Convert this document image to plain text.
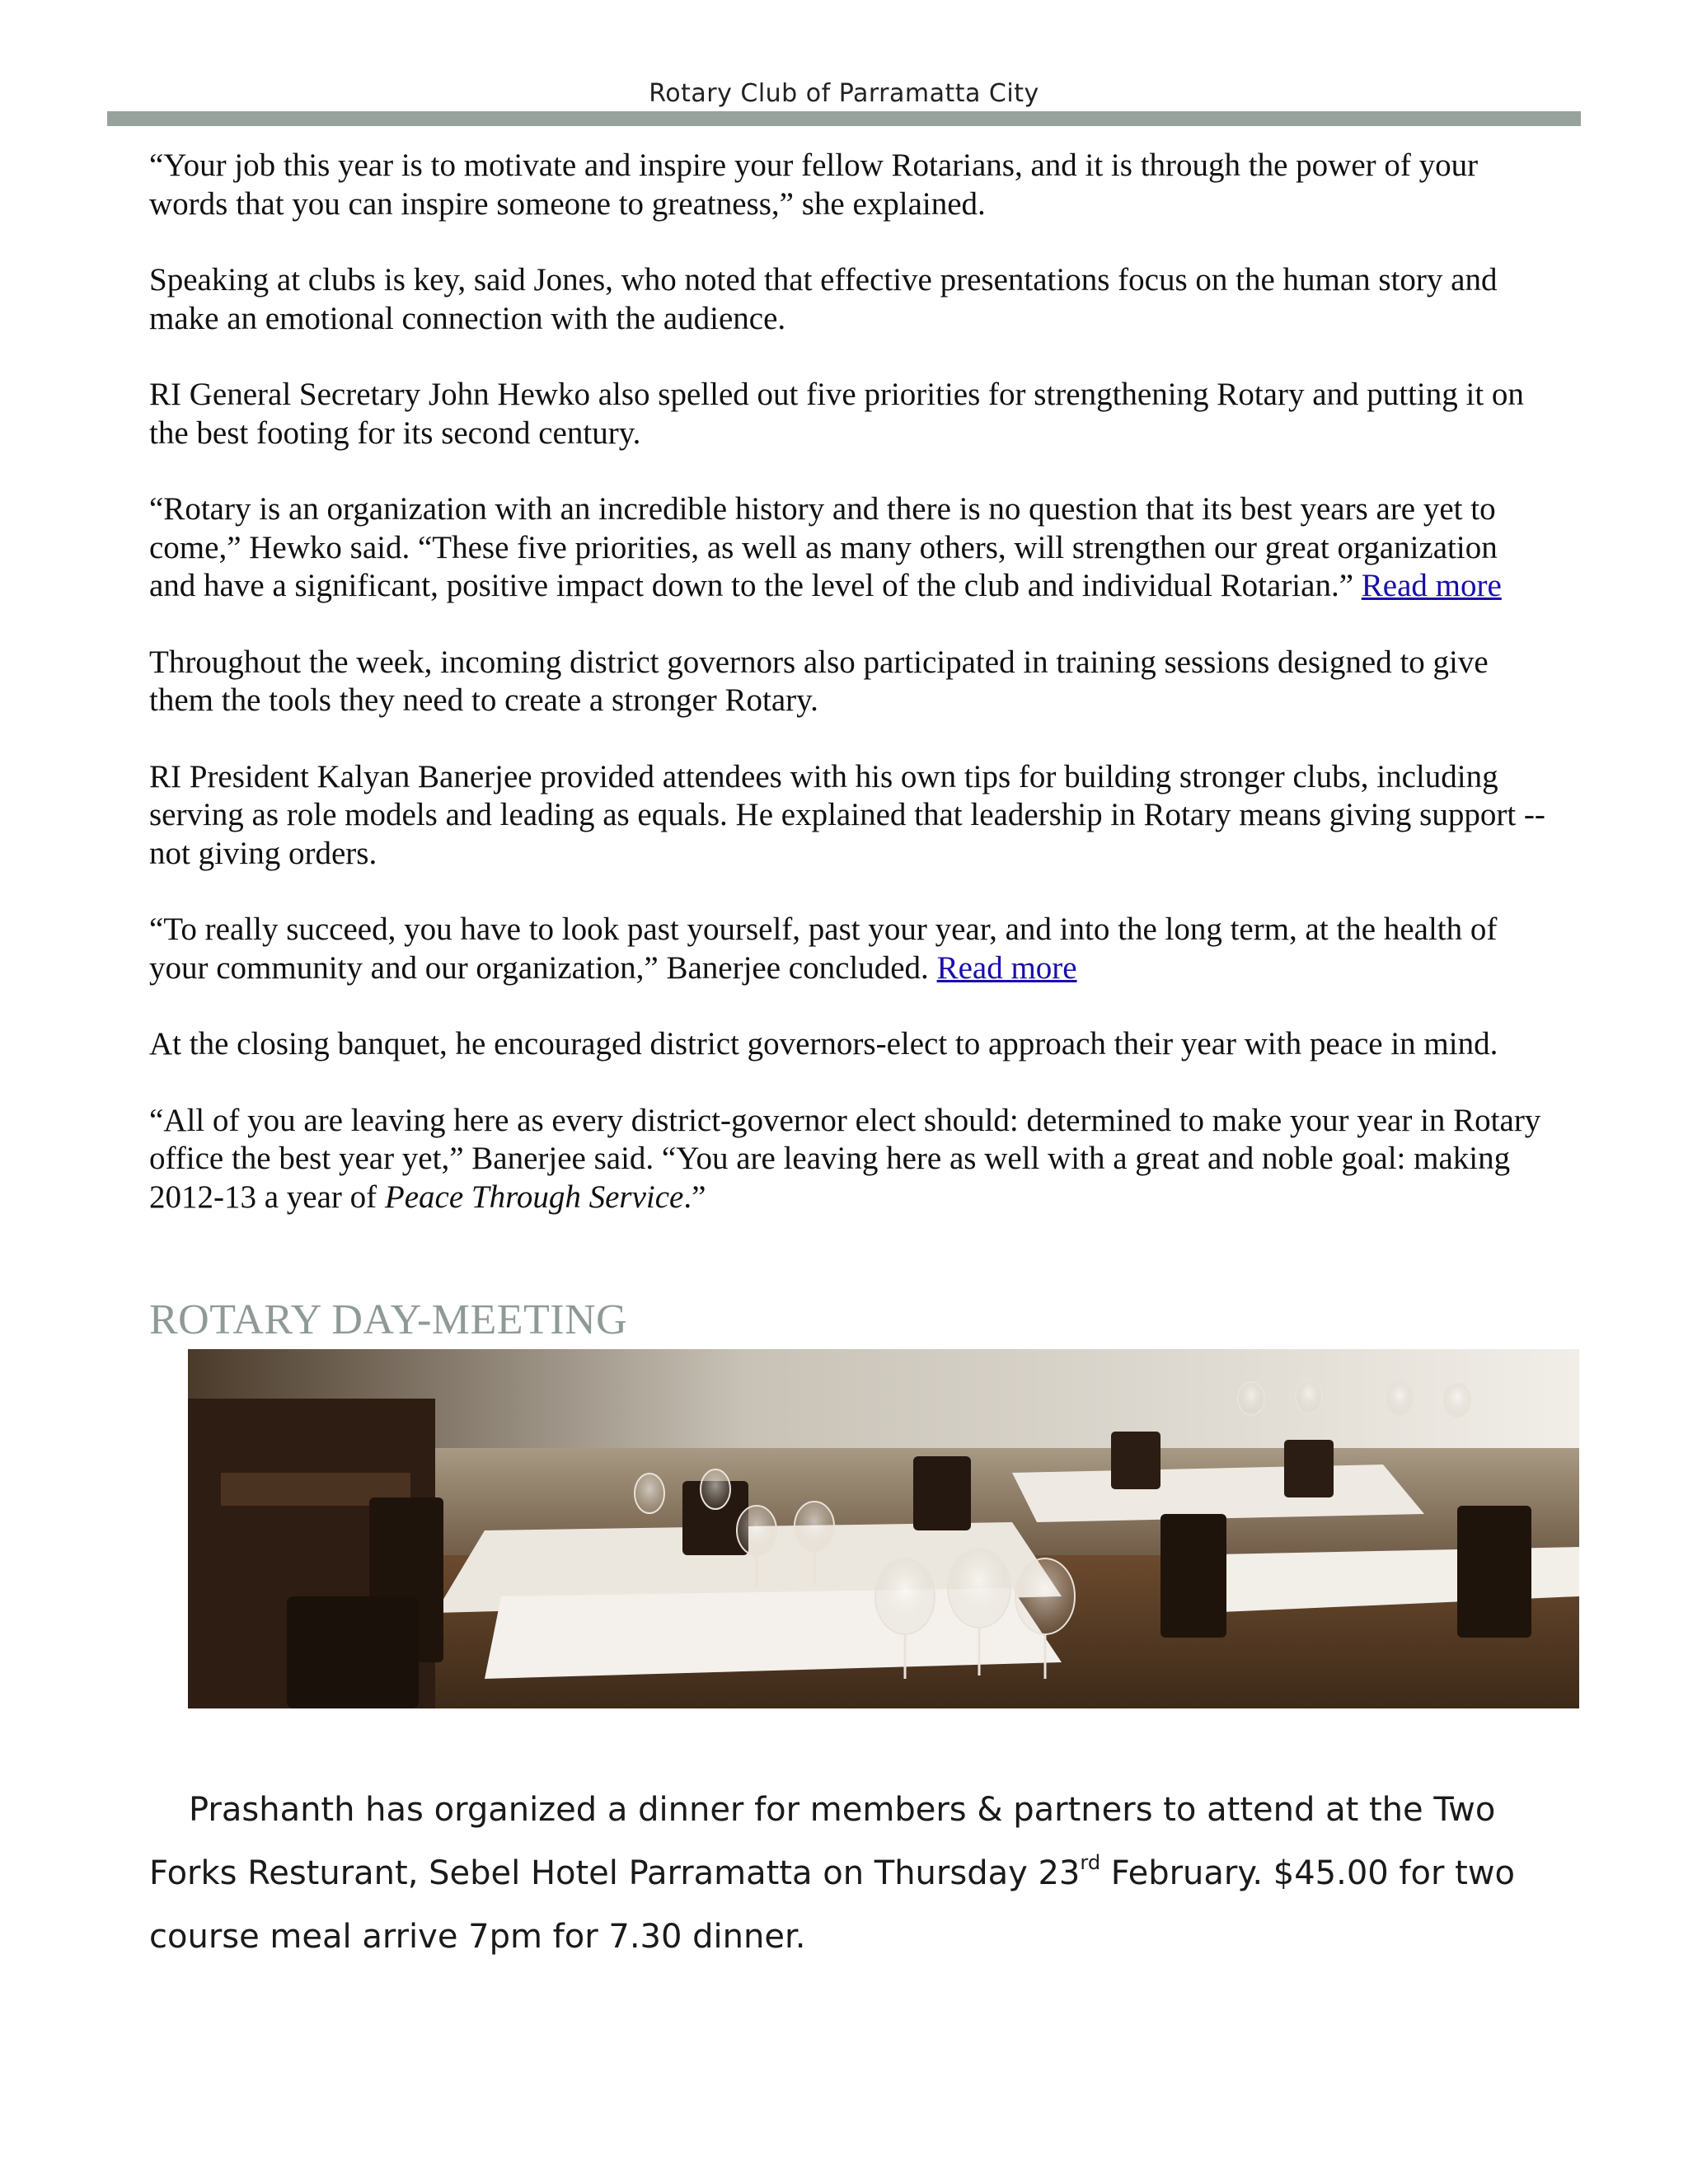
Rotary Club of Parramatta City

“Your job this year is to motivate and inspire your fellow Rotarians, and it is through the power of your words that you can inspire someone to greatness,” she explained.

Speaking at clubs is key, said Jones, who noted that effective presentations focus on the human story and make an emotional connection with the audience.

RI General Secretary John Hewko also spelled out five priorities for strengthening Rotary and putting it on the best footing for its second century.

“Rotary is an organization with an incredible history and there is no question that its best years are yet to come,” Hewko said. “These five priorities, as well as many others, will strengthen our great organization and have a significant, positive impact down to the level of the club and individual Rotarian.” Read more

Throughout the week, incoming district governors also participated in training sessions designed to give them the tools they need to create a stronger Rotary.

RI President Kalyan Banerjee provided attendees with his own tips for building stronger clubs, including serving as role models and leading as equals. He explained that leadership in Rotary means giving support -- not giving orders.

“To really succeed, you have to look past yourself, past your year, and into the long term, at the health of your community and our organization,” Banerjee concluded. Read more

At the closing banquet, he encouraged district governors-elect to approach their year with peace in mind.

“All of you are leaving here as every district-governor elect should: determined to make your year in Rotary office the best year yet,” Banerjee said. “You are leaving here as well with a great and noble goal: making 2012-13 a year of Peace Through Service.”

ROTARY DAY-MEETING

Prashanth has organized a dinner for members & partners to attend at the Two Forks Resturant, Sebel Hotel Parramatta on Thursday 23rd February. $45.00 for two course meal arrive 7pm for 7.30 dinner.
